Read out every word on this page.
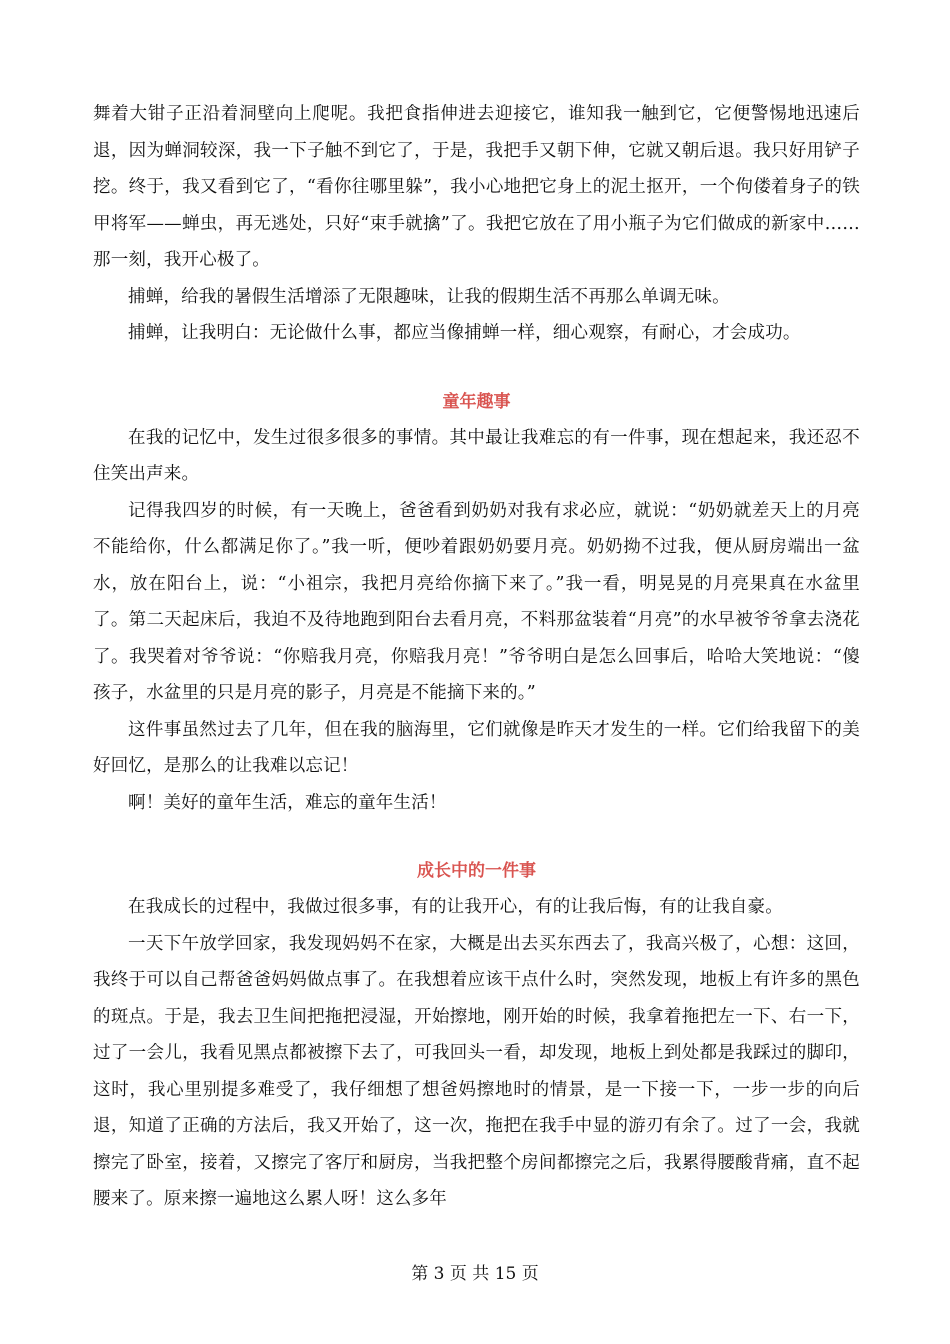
舞着大钳子正沿着洞壁向上爬呢。我把食指伸进去迎接它，谁知我一触到它，它便警惕地迅速后退，因为蝉洞较深，我一下子触不到它了，于是，我把手又朝下伸，它就又朝后退。我只好用铲子挖。终于，我又看到它了，“看你往哪里躲”，我小心地把它身上的泥土抠开，一个佝偻着身子的铁甲将军——蝉虫，再无逃处，只好“束手就擒”了。我把它放在了用小瓶子为它们做成的新家中……那一刻，我开心极了。

捕蝉，给我的暑假生活增添了无限趣味，让我的假期生活不再那么单调无味。

捕蝉，让我明白：无论做什么事，都应当像捕蝉一样，细心观察，有耐心，才会成功。

童年趣事

在我的记忆中，发生过很多很多的事情。其中最让我难忘的有一件事，现在想起来，我还忍不住笑出声来。

记得我四岁的时候，有一天晚上，爸爸看到奶奶对我有求必应，就说：“奶奶就差天上的月亮不能给你，什么都满足你了。”我一听，便吵着跟奶奶要月亮。奶奶拗不过我，便从厨房端出一盆水，放在阳台上，说：“小祖宗，我把月亮给你摘下来了。”我一看，明晃晃的月亮果真在水盆里了。第二天起床后，我迫不及待地跑到阳台去看月亮，不料那盆装着“月亮”的水早被爷爷拿去浇花了。我哭着对爷爷说：“你赔我月亮，你赔我月亮！”爷爷明白是怎么回事后，哈哈大笑地说：“傻孩子，水盆里的只是月亮的影子，月亮是不能摘下来的。”

这件事虽然过去了几年，但在我的脑海里，它们就像是昨天才发生的一样。它们给我留下的美好回忆，是那么的让我难以忘记！

啊！美好的童年生活，难忘的童年生活！

成长中的一件事

在我成长的过程中，我做过很多事，有的让我开心，有的让我后悔，有的让我自豪。

一天下午放学回家，我发现妈妈不在家，大概是出去买东西去了，我高兴极了，心想：这回，我终于可以自己帮爸爸妈妈做点事了。在我想着应该干点什么时，突然发现，地板上有许多的黑色的斑点。于是，我去卫生间把拖把浸湿，开始擦地，刚开始的时候，我拿着拖把左一下、右一下，过了一会儿，我看见黑点都被擦下去了，可我回头一看，却发现，地板上到处都是我踩过的脚印，这时，我心里别提多难受了，我仔细想了想爸妈擦地时的情景，是一下接一下，一步一步的向后退，知道了正确的方法后，我又开始了，这一次，拖把在我手中显的游刃有余了。过了一会，我就擦完了卧室，接着，又擦完了客厅和厨房，当我把整个房间都擦完之后，我累得腰酸背痛，直不起腰来了。原来擦一遍地这么累人呀！这么多年

第 3 页 共 15 页
